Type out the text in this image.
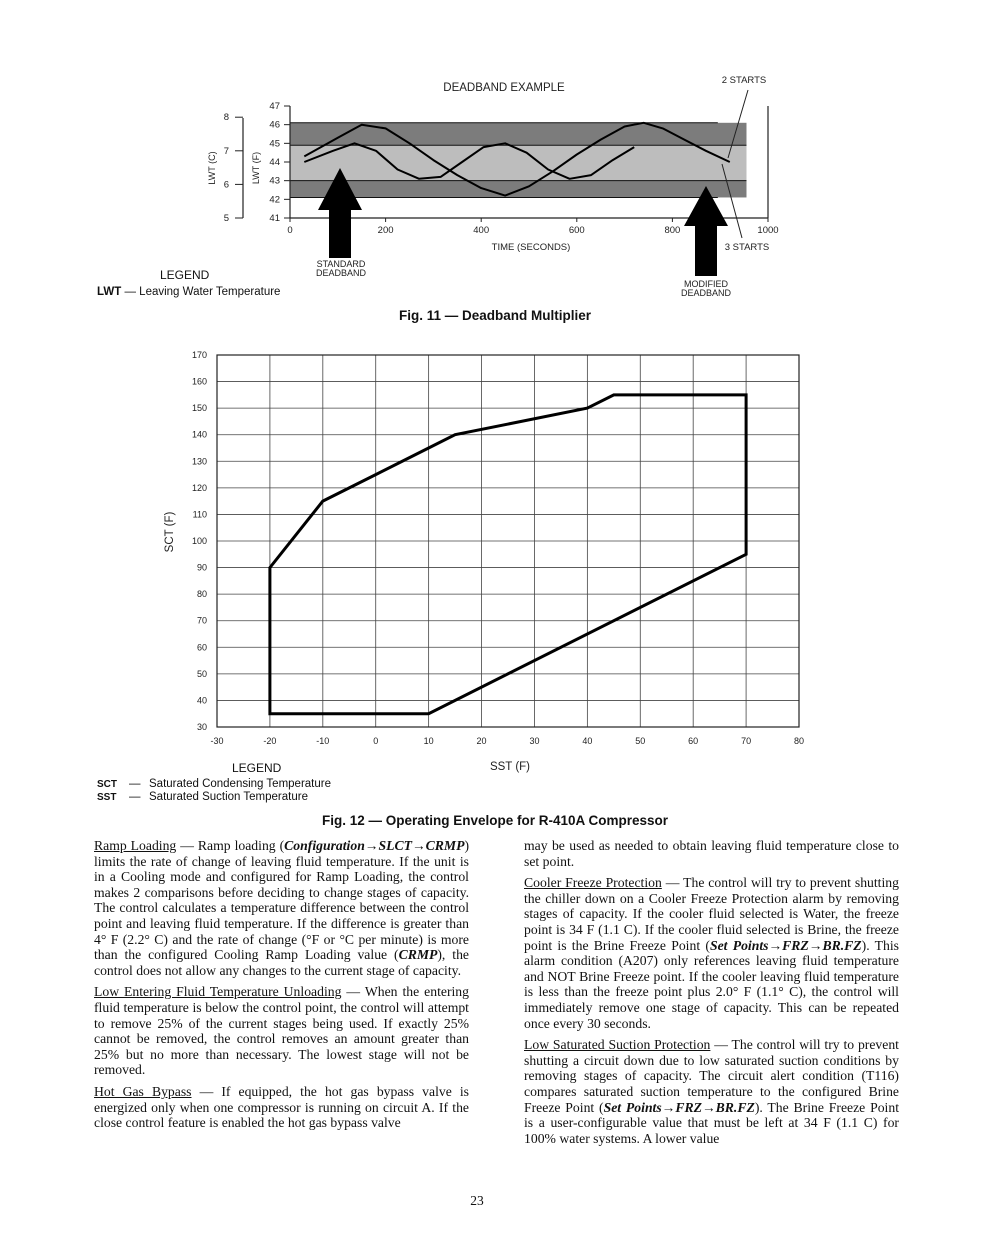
0	200	400	600	800	1000
47
46
45
44
43
42
41
8
7
6
5
DEADBAND EXAMPLE
2 STARTS
3 STARTS
TIME (SECONDS)
LWT (C)	LWT (F)
STANDARD
DEADBAND
MODIFIED
DEADBAND
LEGEND
LWT — Leaving Water Temperature
Fig. 11 — Deadband Multiplier
-30	-20	-10	0	10	20	30	40	50	60	70	80
170
160
150
140
130
120
110
100
90
80
70
60
50
40
30
SCT (F)
SST (F)
LEGEND
SCT — Saturated Condensing Temperature
SST — Saturated Suction Temperature
Fig. 12 — Operating Envelope for R-410A Compressor

Ramp Loading — Ramp loading (Configuration→SLCT→CRMP) limits the rate of change of leaving fluid temperature. If the unit is in a Cooling mode and configured for Ramp Loading, the control makes 2 comparisons before deciding to change stages of capacity. The control calculates a temperature difference between the control point and leaving fluid temperature. If the difference is greater than 4° F (2.2° C) and the rate of change (°F or °C per minute) is more than the configured Cooling Ramp Loading value (CRMP), the control does not allow any changes to the current stage of capacity.

Low Entering Fluid Temperature Unloading — When the entering fluid temperature is below the control point, the control will attempt to remove 25% of the current stages being used. If exactly 25% cannot be removed, the control removes an amount greater than 25% but no more than necessary. The lowest stage will not be removed.

Hot Gas Bypass — If equipped, the hot gas bypass valve is energized only when one compressor is running on circuit A. If the close control feature is enabled the hot gas bypass valve

may be used as needed to obtain leaving fluid temperature close to set point.

Cooler Freeze Protection — The control will try to prevent shutting the chiller down on a Cooler Freeze Protection alarm by removing stages of capacity. If the cooler fluid selected is Water, the freeze point is 34 F (1.1 C). If the cooler fluid selected is Brine, the freeze point is the Brine Freeze Point (Set Points→FRZ→BR.FZ). This alarm condition (A207) only references leaving fluid temperature and NOT Brine Freeze point. If the cooler leaving fluid temperature is less than the freeze point plus 2.0° F (1.1° C), the control will immediately remove one stage of capacity. This can be repeated once every 30 seconds.

Low Saturated Suction Protection — The control will try to prevent shutting a circuit down due to low saturated suction conditions by removing stages of capacity. The circuit alert condition (T116) compares saturated suction temperature to the configured Brine Freeze Point (Set Points→FRZ→BR.FZ). The Brine Freeze Point is a user-configurable value that must be left at 34 F (1.1 C) for 100% water systems. A lower value

23
